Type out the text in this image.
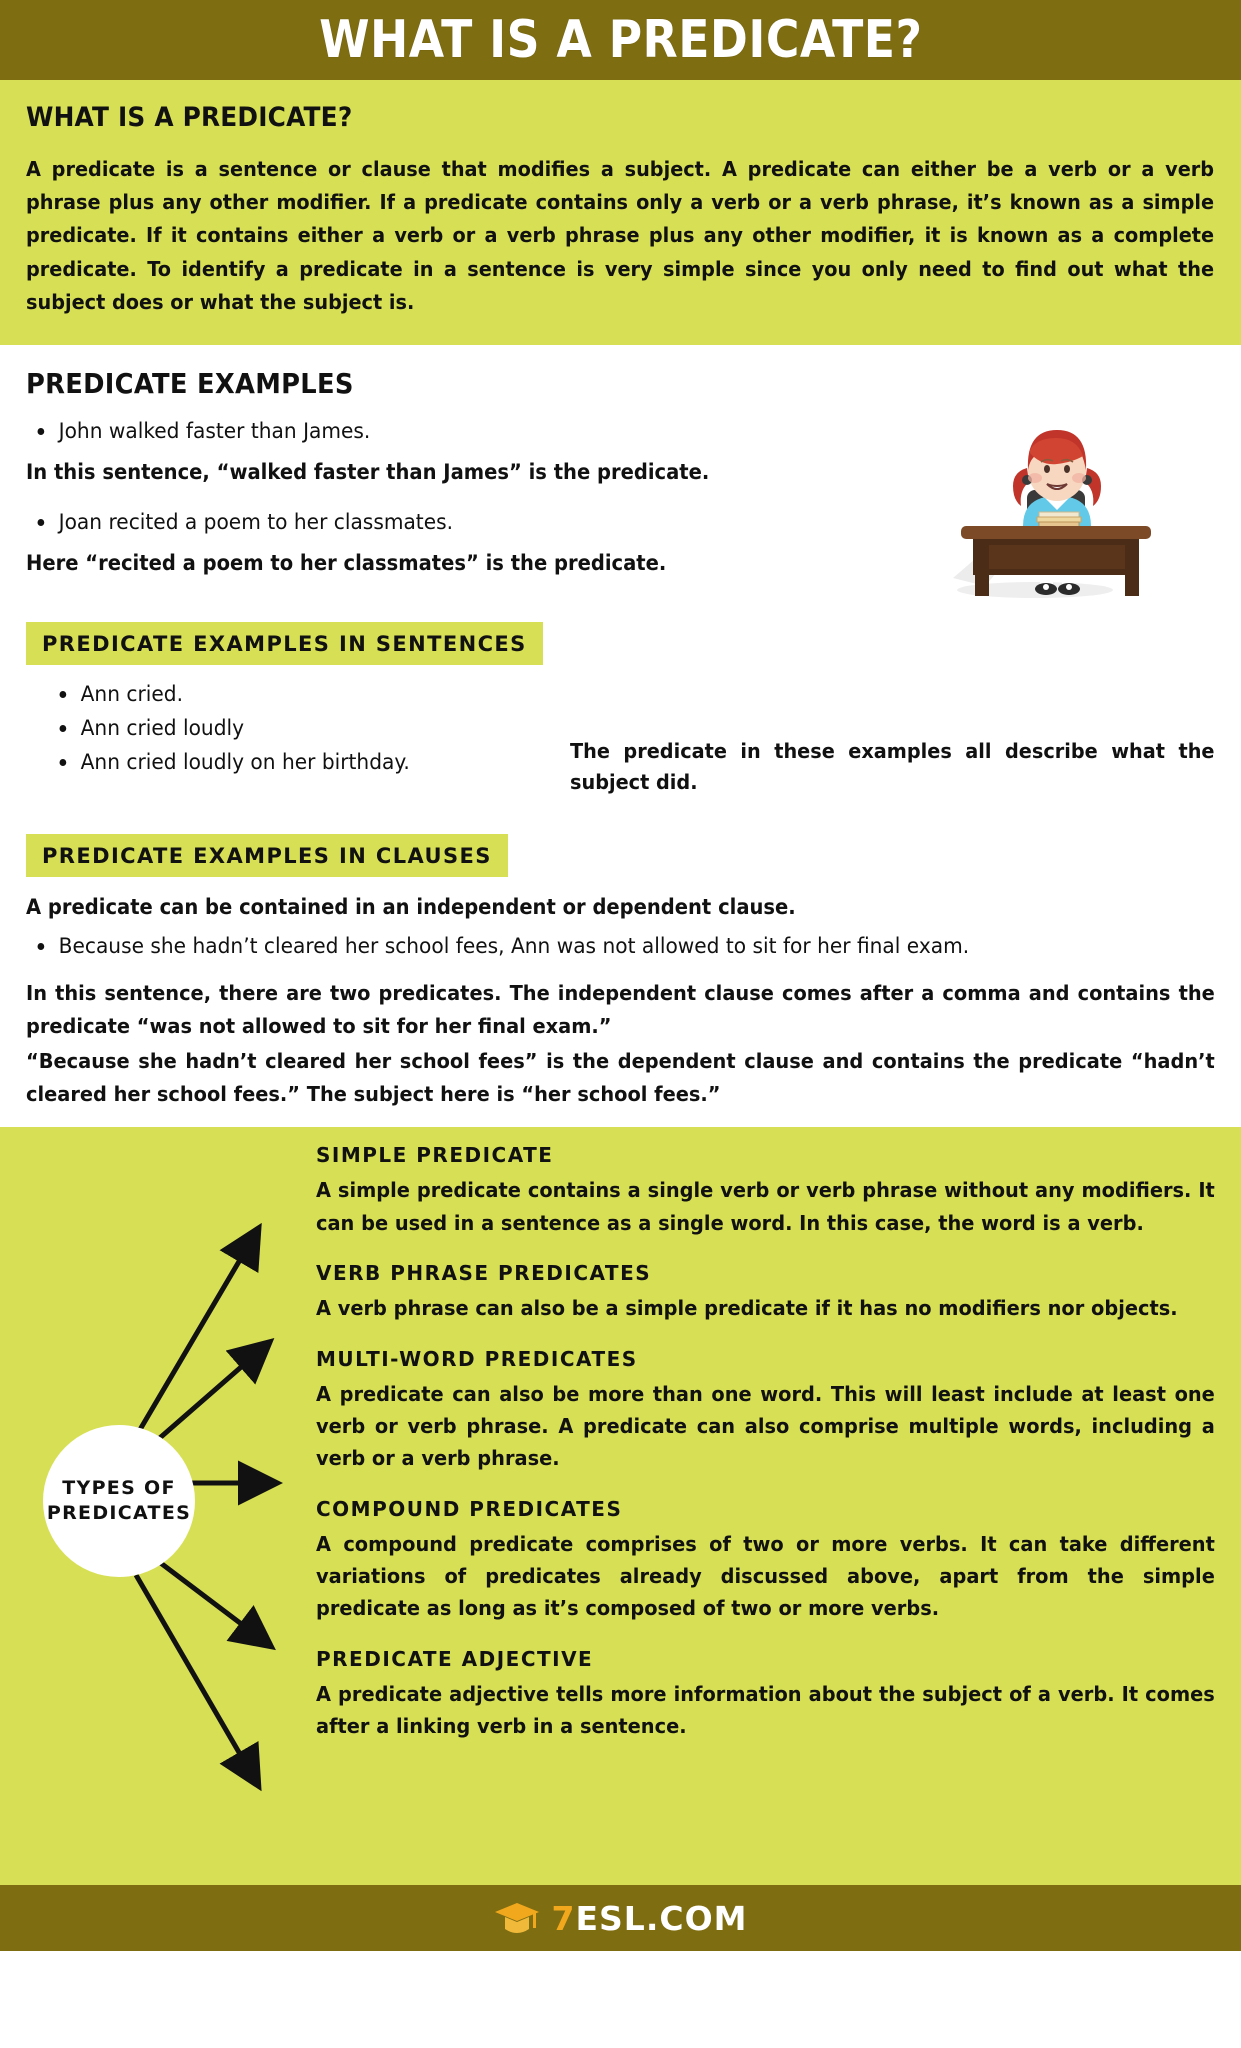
WHAT IS A PREDICATE?
WHAT IS A PREDICATE?

A predicate is a sentence or clause that modifies a subject. A predicate can either be a verb or a verb phrase plus any other modifier. If a predicate contains only a verb or a verb phrase, it’s known as a simple predicate. If it contains either a verb or a verb phrase plus any other modifier, it is known as a complete predicate. To identify a predicate in a sentence is very simple since you only need to find out what the subject does or what the subject is.

PREDICATE EXAMPLES
John walked faster than James.

In this sentence, “walked faster than James” is the predicate.

Joan recited a poem to her classmates.

Here “recited a poem to her classmates” is the predicate.

PREDICATE EXAMPLES IN SENTENCES
Ann cried.
Ann cried loudly
Ann cried loudly on her birthday.	The predicate in these examples all describe what the subject did.

PREDICATE EXAMPLES IN CLAUSES

A predicate can be contained in an independent or dependent clause.

Because she hadn’t cleared her school fees, Ann was not allowed to sit for her final exam.

In this sentence, there are two predicates. The independent clause comes after a comma and contains the predicate “was not allowed to sit for her final exam.”

“Because she hadn’t cleared her school fees” is the dependent clause and contains the predicate “hadn’t cleared her school fees.” The subject here is “her school fees.”

TYPES OF
PREDICATES
SIMPLE PREDICATE

A simple predicate contains a single verb or verb phrase without any modifiers. It can be used in a sentence as a single word. In this case, the word is a verb.

VERB PHRASE PREDICATES

A verb phrase can also be a simple predicate if it has no modifiers nor objects.

MULTI-WORD PREDICATES

A predicate can also be more than one word. This will least include at least one verb or verb phrase. A predicate can also comprise multiple words, including a verb or a verb phrase.

COMPOUND PREDICATES

A compound predicate comprises of two or more verbs. It can take different variations of predicates already discussed above, apart from the simple predicate as long as it’s composed of two or more verbs.

PREDICATE ADJECTIVE

A predicate adjective tells more information about the subject of a verb. It comes after a linking verb in a sentence.

7 ESL.COM
